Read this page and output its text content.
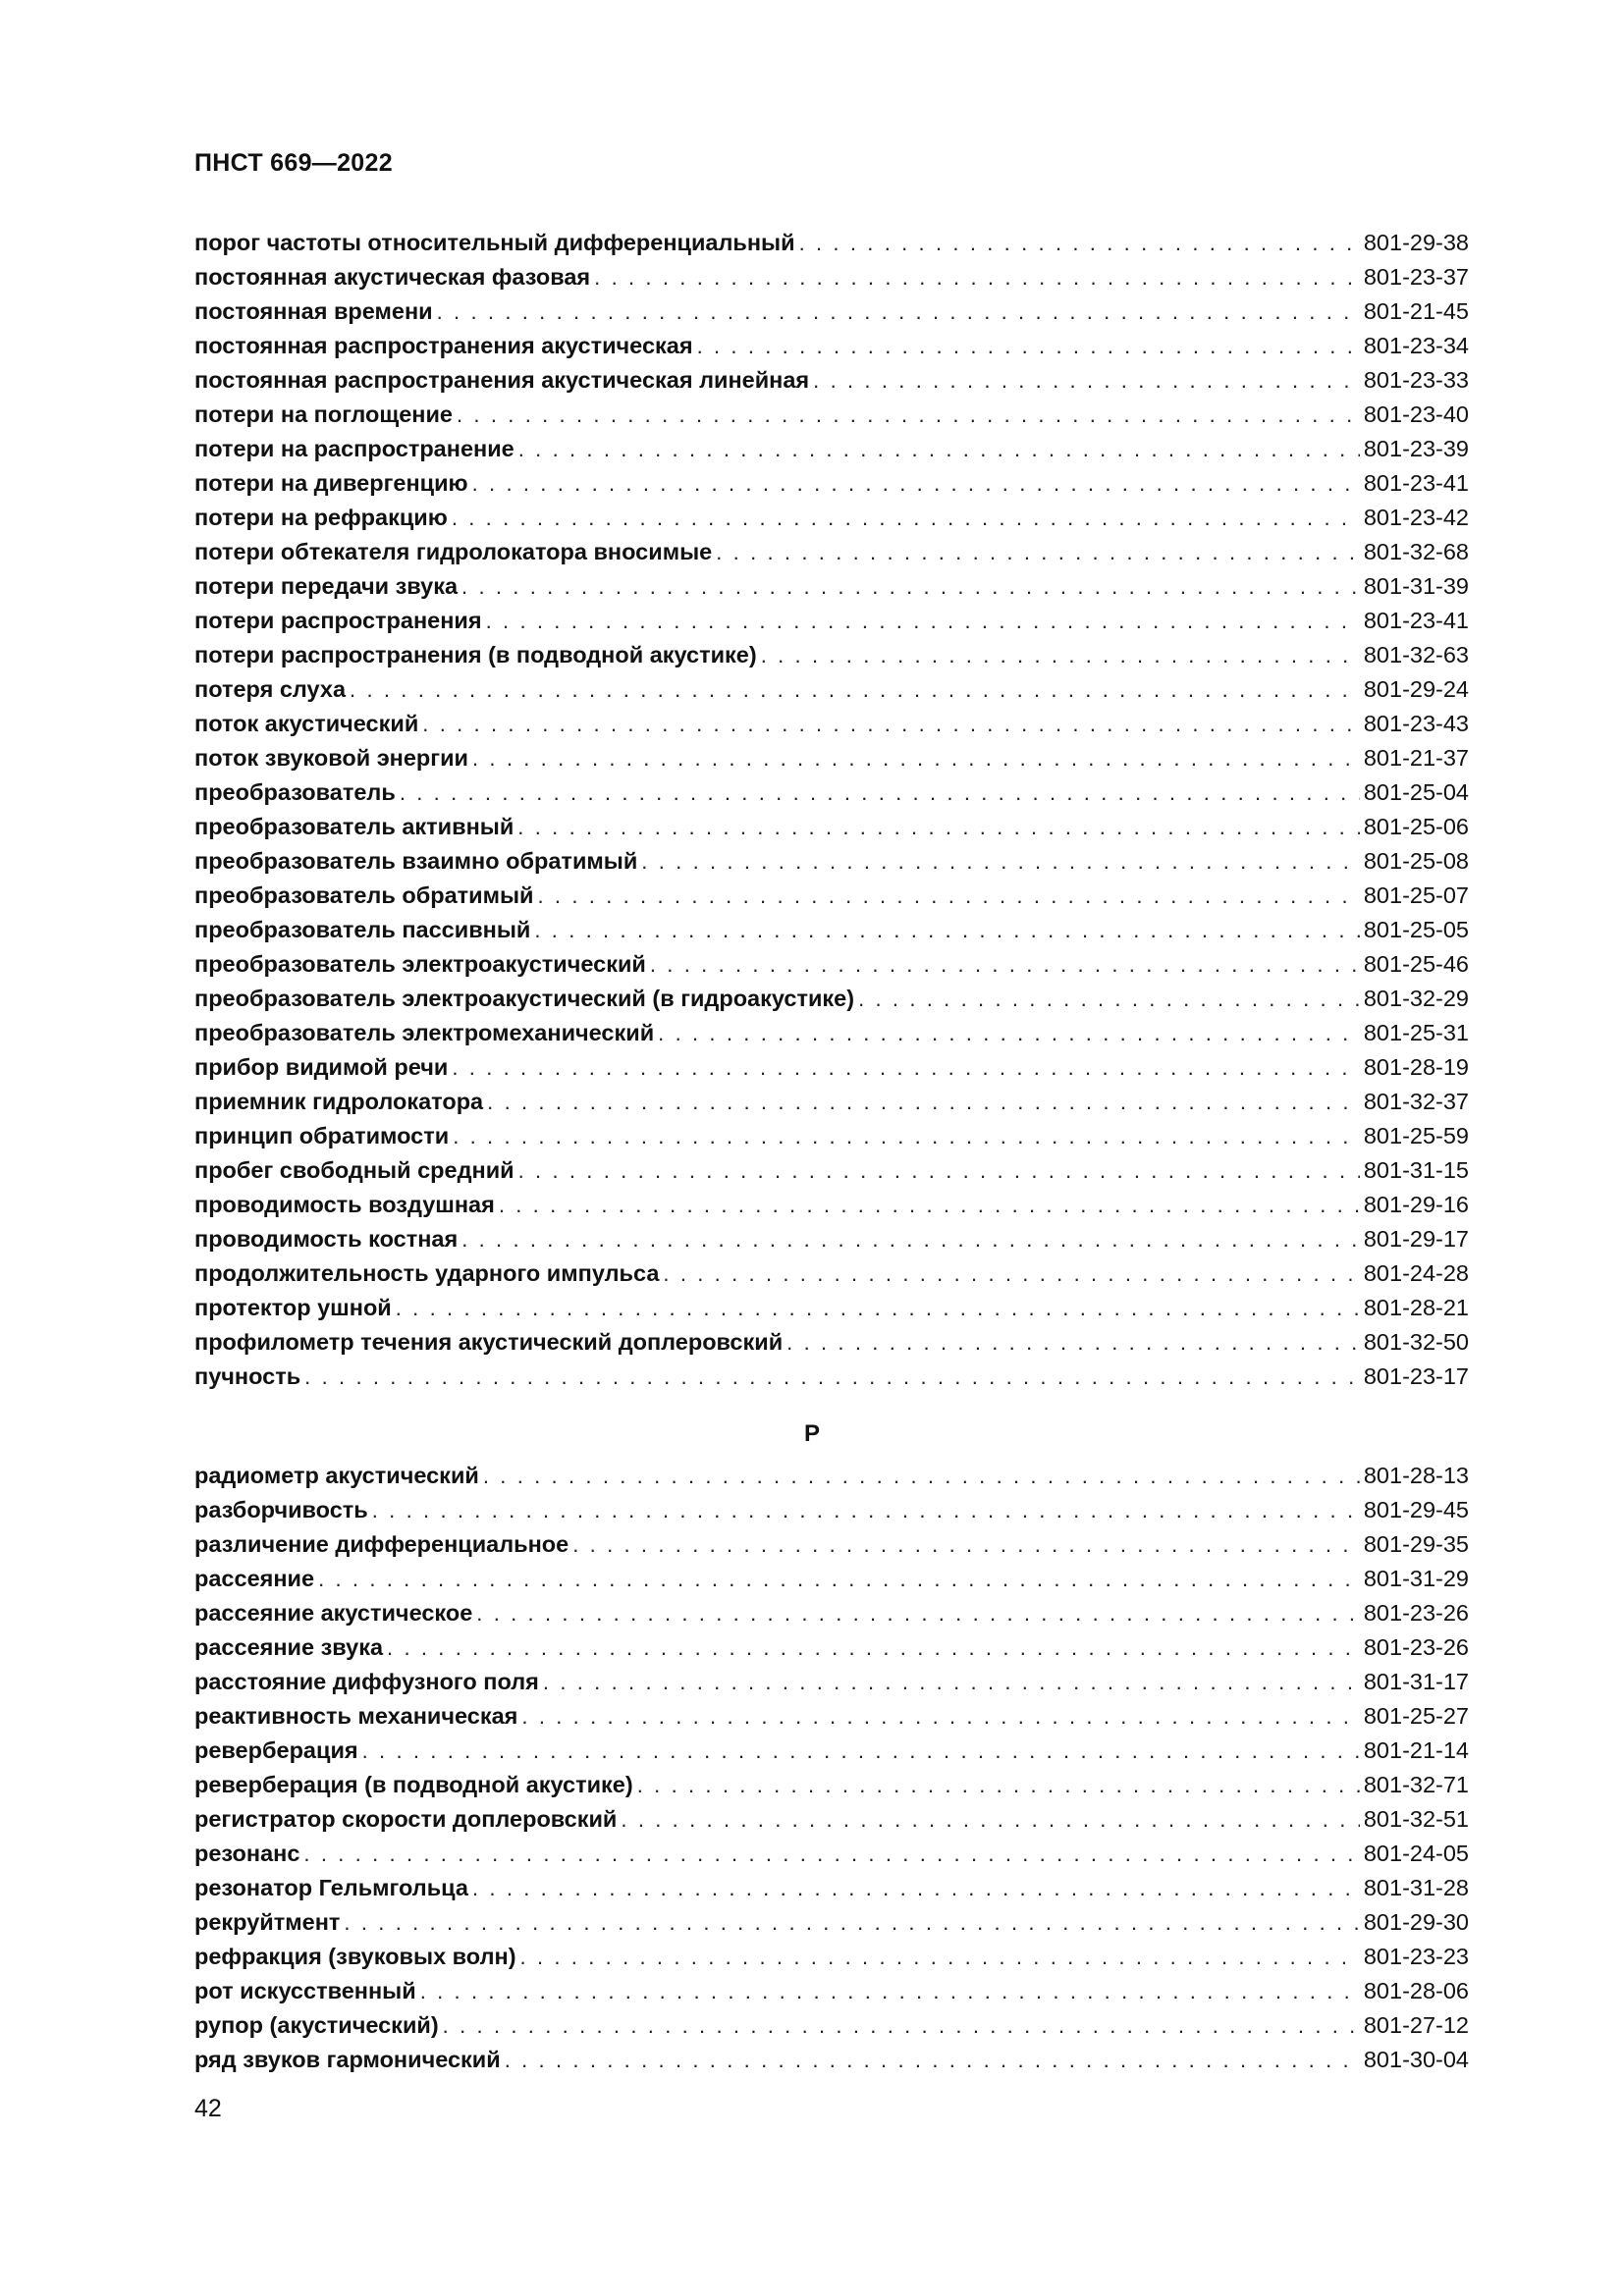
ПНСТ 669—2022
порог частоты относительный дифференциальный . . .	801-29-38
постоянная акустическая фазовая . . .	801-23-37
постоянная времени . . .	801-21-45
постоянная распространения акустическая . . .	801-23-34
постоянная распространения акустическая линейная . . .	801-23-33
потери на поглощение . . .	801-23-40
потери на распространение . . .	801-23-39
потери на дивергенцию . . .	801-23-41
потери на рефракцию . . .	801-23-42
потери обтекателя гидролокатора вносимые . . .	801-32-68
потери передачи звука . . .	801-31-39
потери распространения . . .	801-23-41
потери распространения (в подводной акустике) . . .	801-32-63
потеря слуха . . .	801-29-24
поток акустический . . .	801-23-43
поток звуковой энергии . . .	801-21-37
преобразователь . . .	801-25-04
преобразователь активный . . .	801-25-06
преобразователь взаимно обратимый . . .	801-25-08
преобразователь обратимый . . .	801-25-07
преобразователь пассивный . . .	801-25-05
преобразователь электроакустический . . .	801-25-46
преобразователь электроакустический (в гидроакустике) . . .	801-32-29
преобразователь электромеханический . . .	801-25-31
прибор видимой речи . . .	801-28-19
приемник гидролокатора . . .	801-32-37
принцип обратимости . . .	801-25-59
пробег свободный средний . . .	801-31-15
проводимость воздушная . . .	801-29-16
проводимость костная . . .	801-29-17
продолжительность ударного импульса . . .	801-24-28
протектор ушной . . .	801-28-21
профилометр течения акустический доплеровский . . .	801-32-50
пучность . . .	801-23-17
Р
радиометр акустический . . .	801-28-13
разборчивость . . .	801-29-45
различение дифференциальное . . .	801-29-35
рассеяние . . .	801-31-29
рассеяние акустическое . . .	801-23-26
рассеяние звука . . .	801-23-26
расстояние диффузного поля . . .	801-31-17
реактивность механическая . . .	801-25-27
реверберация . . .	801-21-14
реверберация (в подводной акустике) . . .	801-32-71
регистратор скорости доплеровский . . .	801-32-51
резонанс . . .	801-24-05
резонатор Гельмгольца . . .	801-31-28
рекруйтмент . . .	801-29-30
рефракция (звуковых волн) . . .	801-23-23
рот искусственный . . .	801-28-06
рупор (акустический) . . .	801-27-12
ряд звуков гармонический . . .	801-30-04
42
